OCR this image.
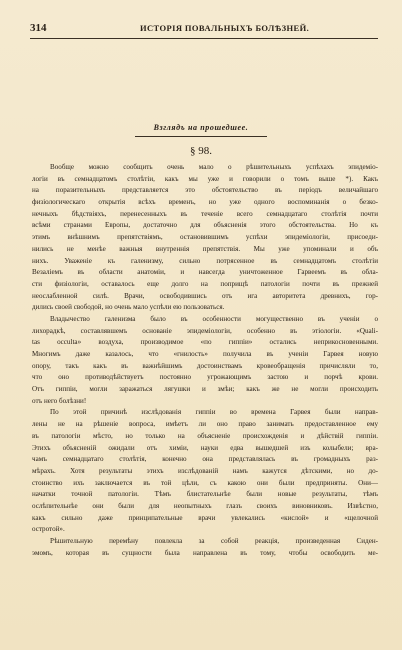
314	ИСТОРІЯ ПОВАЛЬНЫХЪ БОЛѢЗНЕЙ.
Взглядъ на прошедшее.
§ 98.
Вообще можно сообщить очень мало о рѣшительныхъ успѣхахъ эпидеміо-
логіи въ семнадцатомъ столѣтіи, какъ мы уже и говорили о томъ выше *). Какъ
на поразительныхъ представляется это обстоятельство въ періодъ величайшаго
физіологическаго открытія всѣхъ временъ, но уже одного воспоминанія о безко-
нечныхъ бѣдствіяхъ, перенесенныхъ въ теченіе всего семнадцатаго столѣтія почти
всѣми странами Европы, достаточно для объясненія этого обстоятельства. Но къ
этимъ внѣшнимъ препятствіямъ, остановившимъ успѣхи эпидеміологіи, присоеди-
нились не менѣе важныя внутреннія препятствія. Мы уже упоминали и объ
нихъ. Уваженіе къ галенизму, сильно потрясенное въ семнадцатомъ столѣтіи
Везаліемъ въ области анатоміи, и навсегда уничтоженное Гарвеемъ въ обла-
сти физіологіи, оставалось еще долго на поприщѣ патологіи почти въ прежней
неослабленной силѣ. Врачи, освободившись отъ ига авторитета древнихъ, гор-
дились своей свободой, но очень мало успѣли ею пользоваться.
Владычество галенизма было въ особенности могущественно въ ученіи о
лихорадкѣ, составлявшемъ основаніе эпидеміологіи, особенно въ этіологіи. «Quali-
tas occulta» воздуха, производимое «по гиппіи» остались неприкосновенными.
Многимъ даже казалось, что «гнилость» получила въ ученіи Гарвея новую
опору, такъ какъ въ важнѣйшимъ достоинствамъ кровеобращенія причисляли то,
что оно противодѣйствуетъ постоянно угрожающимъ застою и порчѣ крови.
Отъ гиппіи, могли заражаться лягушки и змѣи; какъ же не могли происходить
отъ него болѣзни!
По этой причинѣ изслѣдованія гиппіи во времена Гарвея были направ-
лены не на рѣшеніе вопроса, имѣетъ ли оно право занимать предоставленное ему
въ патологіи мѣсто, но только на объясненіе происхожденія и дѣйствій гиппіи.
Этихъ объясненій ожидали отъ химіи, науки едва вышедшей изъ колыбели; вра-
чамъ семнадцатаго столѣтія, конечно она представлялась въ громадныхъ раз-
мѣрахъ. Хотя результаты этихъ изслѣдованій намъ кажутся дѣтскими, но до-
стоинство ихъ заключается въ той цѣли, съ какою они были предприняты. Они—
начатки точной патологіи. Тѣмъ блистательнѣе были новые результаты, тѣмъ
ослѣпительнѣе они были для неопытныхъ глазъ своихъ виновниковъ. Извѣстно,
какъ сильно даже принципательные врачи увлекались «кислой» и «щелочной
остротой».
Рѣшительную перемѣну повлекла за собой реакція, произведенная Сиден-
эмомъ, которая въ сущности была направлена въ тому, чтобы освободить ме-
